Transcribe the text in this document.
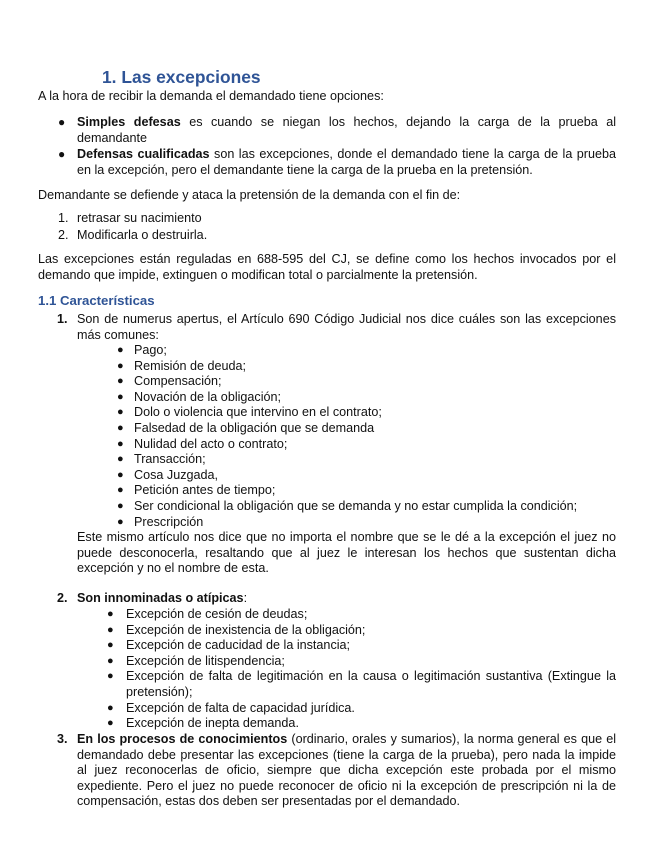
1. Las excepciones
A la hora de recibir la demanda el demandado tiene opciones:
● Simples defesas es cuando se niegan los hechos, dejando la carga de la prueba al
demandante
● Defensas cualificadas son las excepciones, donde el demandado tiene la carga de la prueba
en la excepción, pero el demandante tiene la carga de la prueba en la pretensión.
Demandante se defiende y ataca la pretensión de la demanda con el fin de:
1. retrasar su nacimiento
2. Modificarla o destruirla.
Las excepciones están reguladas en 688-595 del CJ, se define como los hechos invocados por el
demando que impide, extinguen o modifican total o parcialmente la pretensión.
1.1 Características
1. Son de numerus apertus, el Artículo 690 Código Judicial nos dice cuáles son las excepciones
más comunes:
● Pago;
● Remisión de deuda;
● Compensación;
● Novación de la obligación;
● Dolo o violencia que intervino en el contrato;
● Falsedad de la obligación que se demanda
● Nulidad del acto o contrato;
● Transacción;
● Cosa Juzgada,
● Petición antes de tiempo;
● Ser condicional la obligación que se demanda y no estar cumplida la condición;
● Prescripción
Este mismo artículo nos dice que no importa el nombre que se le dé a la excepción el juez no
puede desconocerla, resaltando que al juez le interesan los hechos que sustentan dicha
excepción y no el nombre de esta.
2. Son innominadas o atípicas:
● Excepción de cesión de deudas;
● Excepción de inexistencia de la obligación;
● Excepción de caducidad de la instancia;
● Excepción de litispendencia;
● Excepción de falta de legitimación en la causa o legitimación sustantiva (Extingue la
pretensión);
● Excepción de falta de capacidad jurídica.
● Excepción de inepta demanda.
3. En los procesos de conocimientos (ordinario, orales y sumarios), la norma general es que el
demandado debe presentar las excepciones (tiene la carga de la prueba), pero nada la impide
al juez reconocerlas de oficio, siempre que dicha excepción este probada por el mismo
expediente. Pero el juez no puede reconocer de oficio ni la excepción de prescripción ni la de
compensación, estas dos deben ser presentadas por el demandado.
